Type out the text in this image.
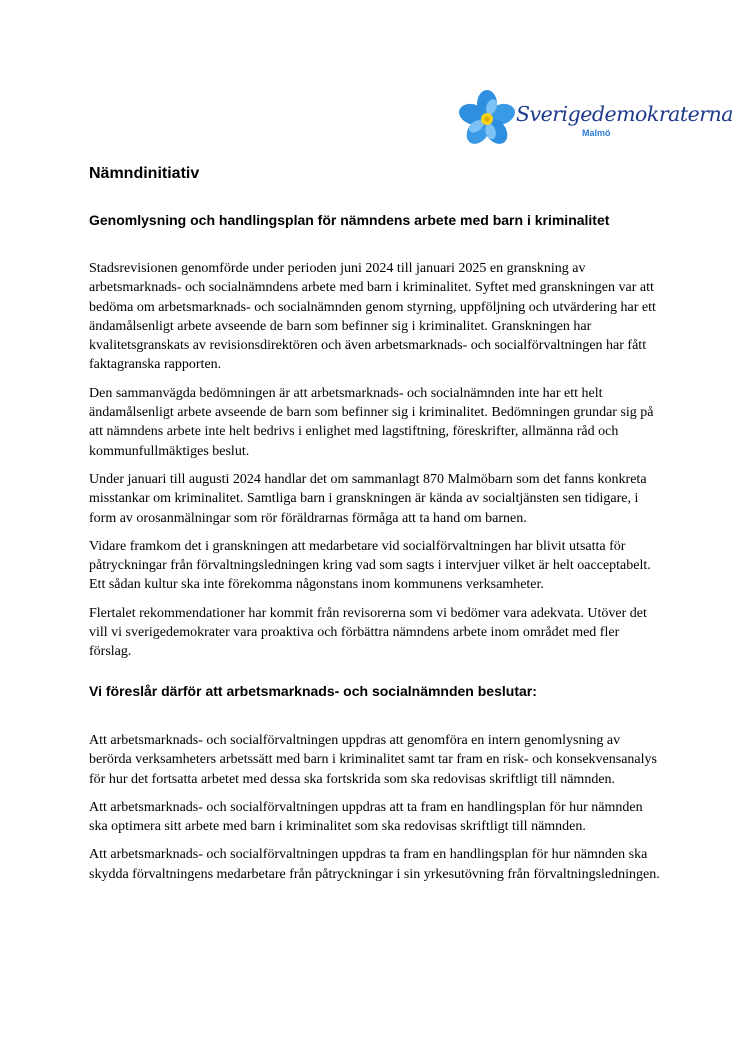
Sverigedemokraterna
Malmö
Nämndinitiativ
Genomlysning och handlingsplan för nämndens arbete med barn i kriminalitet

Stadsrevisionen genomförde under perioden juni 2024 till januari 2025 en granskning av arbetsmarknads- och socialnämndens arbete med barn i kriminalitet. Syftet med granskningen var att bedöma om arbetsmarknads- och socialnämnden genom styrning, uppföljning och utvärdering har ett ändamålsenligt arbete avseende de barn som befinner sig i kriminalitet. Granskningen har kvalitetsgranskats av revisionsdirektören och även arbetsmarknads- och socialförvaltningen har fått faktagranska rapporten.

Den sammanvägda bedömningen är att arbetsmarknads- och socialnämnden inte har ett helt ändamålsenligt arbete avseende de barn som befinner sig i kriminalitet. Bedömningen grundar sig på att nämndens arbete inte helt bedrivs i enlighet med lagstiftning, föreskrifter, allmänna råd och kommunfullmäktiges beslut.

Under januari till augusti 2024 handlar det om sammanlagt 870 Malmöbarn som det fanns konkreta misstankar om kriminalitet. Samtliga barn i granskningen är kända av socialtjänsten sen tidigare, i form av orosanmälningar som rör föräldrarnas förmåga att ta hand om barnen.

Vidare framkom det i granskningen att medarbetare vid socialförvaltningen har blivit utsatta för påtryckningar från förvaltningsledningen kring vad som sagts i intervjuer vilket är helt oacceptabelt. Ett sådan kultur ska inte förekomma någonstans inom kommunens verksamheter.

Flertalet rekommendationer har kommit från revisorerna som vi bedömer vara adekvata. Utöver det vill vi sverigedemokrater vara proaktiva och förbättra nämndens arbete inom området med fler förslag.

Vi föreslår därför att arbetsmarknads- och socialnämnden beslutar:

Att arbetsmarknads- och socialförvaltningen uppdras att genomföra en intern genomlysning av berörda verksamheters arbetssätt med barn i kriminalitet samt tar fram en risk- och konsekvensanalys för hur det fortsatta arbetet med dessa ska fortskrida som ska redovisas skriftligt till nämnden.

Att arbetsmarknads- och socialförvaltningen uppdras att ta fram en handlingsplan för hur nämnden ska optimera sitt arbete med barn i kriminalitet som ska redovisas skriftligt till nämnden.

Att arbetsmarknads- och socialförvaltningen uppdras ta fram en handlingsplan för hur nämnden ska skydda förvaltningens medarbetare från påtryckningar i sin yrkesutövning från förvaltningsledningen.
